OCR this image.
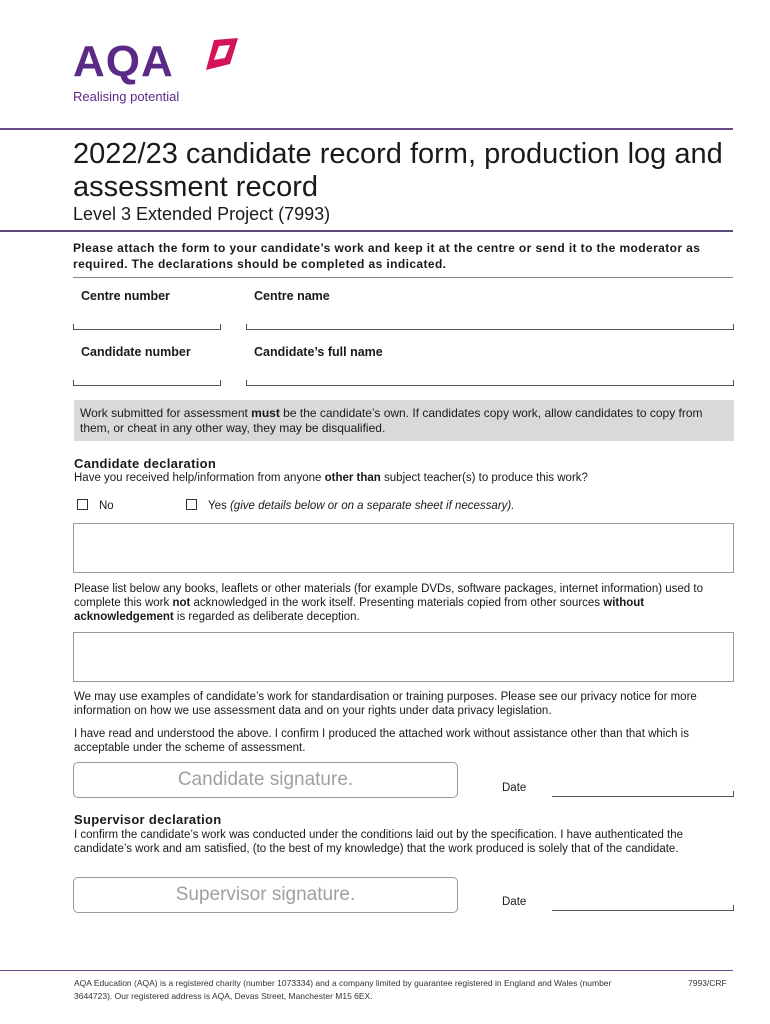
AQA
Realising potential
2022/23 candidate record form, production log and assessment record
Level 3 Extended Project (7993)
Please attach the form to your candidate’s work and keep it at the centre or send it to the moderator as required. The declarations should be completed as indicated.
Centre number	Centre name
Candidate number	Candidate’s full name
Work submitted for assessment must be the candidate’s own. If candidates copy work, allow candidates to copy from them, or cheat in any other way, they may be disqualified.
Candidate declaration
Have you received help/information from anyone other than subject teacher(s) to produce this work?
No	Yes (give details below or on a separate sheet if necessary).
Please list below any books, leaflets or other materials (for example DVDs, software packages, internet information) used to complete this work not acknowledged in the work itself. Presenting materials copied from other sources without acknowledgement is regarded as deliberate deception.
We may use examples of candidate’s work for standardisation or training purposes. Please see our privacy notice for more information on how we use assessment data and on your rights under data privacy legislation.
I have read and understood the above. I confirm I produced the attached work without assistance other than that which is acceptable under the scheme of assessment.
Candidate signature.	Date
Supervisor declaration
I confirm the candidate’s work was conducted under the conditions laid out by the specification. I have authenticated the candidate’s work and am satisfied, (to the best of my knowledge) that the work produced is solely that of the candidate.
Supervisor signature.	Date
AQA Education (AQA) is a registered charity (number 1073334) and a company limited by guarantee registered in England and Wales (number 3644723). Our registered address is AQA, Devas Street, Manchester M15 6EX.
7993/CRF
